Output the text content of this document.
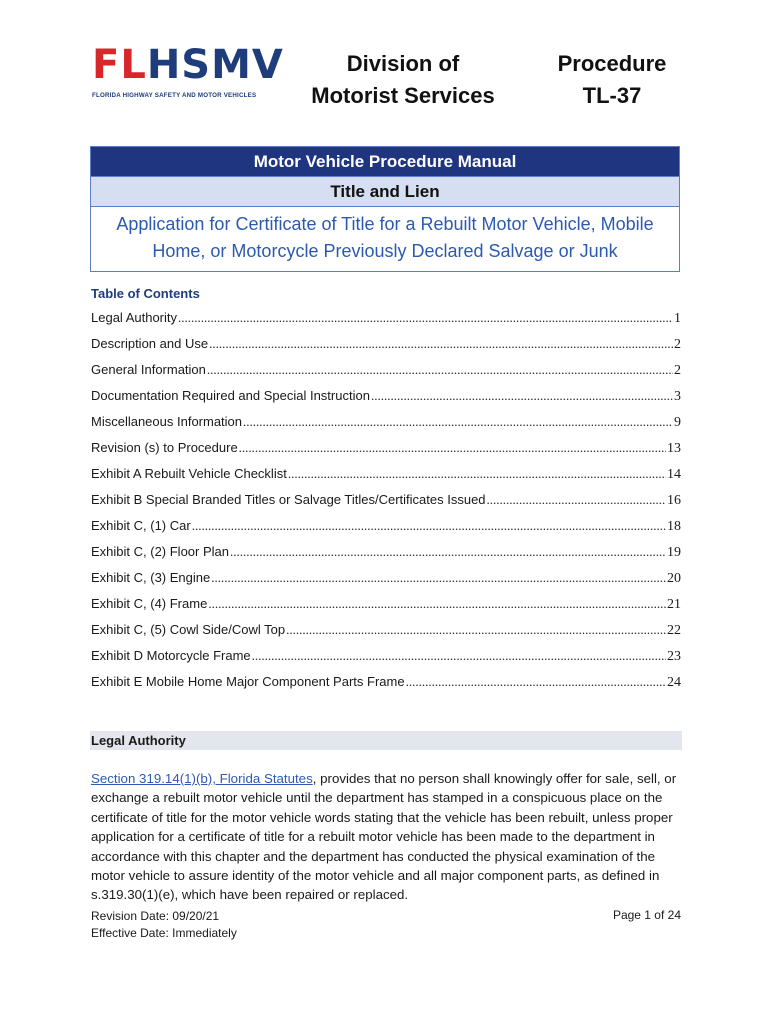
FLHSMV
FLORIDA HIGHWAY SAFETY AND MOTOR VEHICLES
Division of
Motorist Services
Procedure
TL-37
Motor Vehicle Procedure Manual
Title and Lien
Application for Certificate of Title for a Rebuilt Motor Vehicle, Mobile Home, or Motorcycle Previously Declared Salvage or Junk
Table of Contents
Legal Authority .....	1
Description and Use .....	2
General Information .....	2
Documentation Required and Special Instruction .....	3
Miscellaneous Information .....	9
Revision (s) to Procedure .....	13
Exhibit A Rebuilt Vehicle Checklist .....	14
Exhibit B Special Branded Titles or Salvage Titles/Certificates Issued .....	16
Exhibit C, (1) Car .....	18
Exhibit C, (2) Floor Plan .....	19
Exhibit C, (3) Engine .....	20
Exhibit C, (4) Frame .....	21
Exhibit C, (5) Cowl Side/Cowl Top .....	22
Exhibit D Motorcycle Frame .....	23
Exhibit E Mobile Home Major Component Parts Frame .....	24
Legal Authority
Section 319.14(1)(b), Florida Statutes, provides that no person shall knowingly offer for sale, sell, or exchange a rebuilt motor vehicle until the department has stamped in a conspicuous place on the certificate of title for the motor vehicle words stating that the vehicle has been rebuilt, unless proper application for a certificate of title for a rebuilt motor vehicle has been made to the department in accordance with this chapter and the department has conducted the physical examination of the motor vehicle to assure identity of the motor vehicle and all major component parts, as defined in s.319.30(1)(e), which have been repaired or replaced.
Revision Date: 09/20/21
Effective Date: Immediately
Page 1 of 24
